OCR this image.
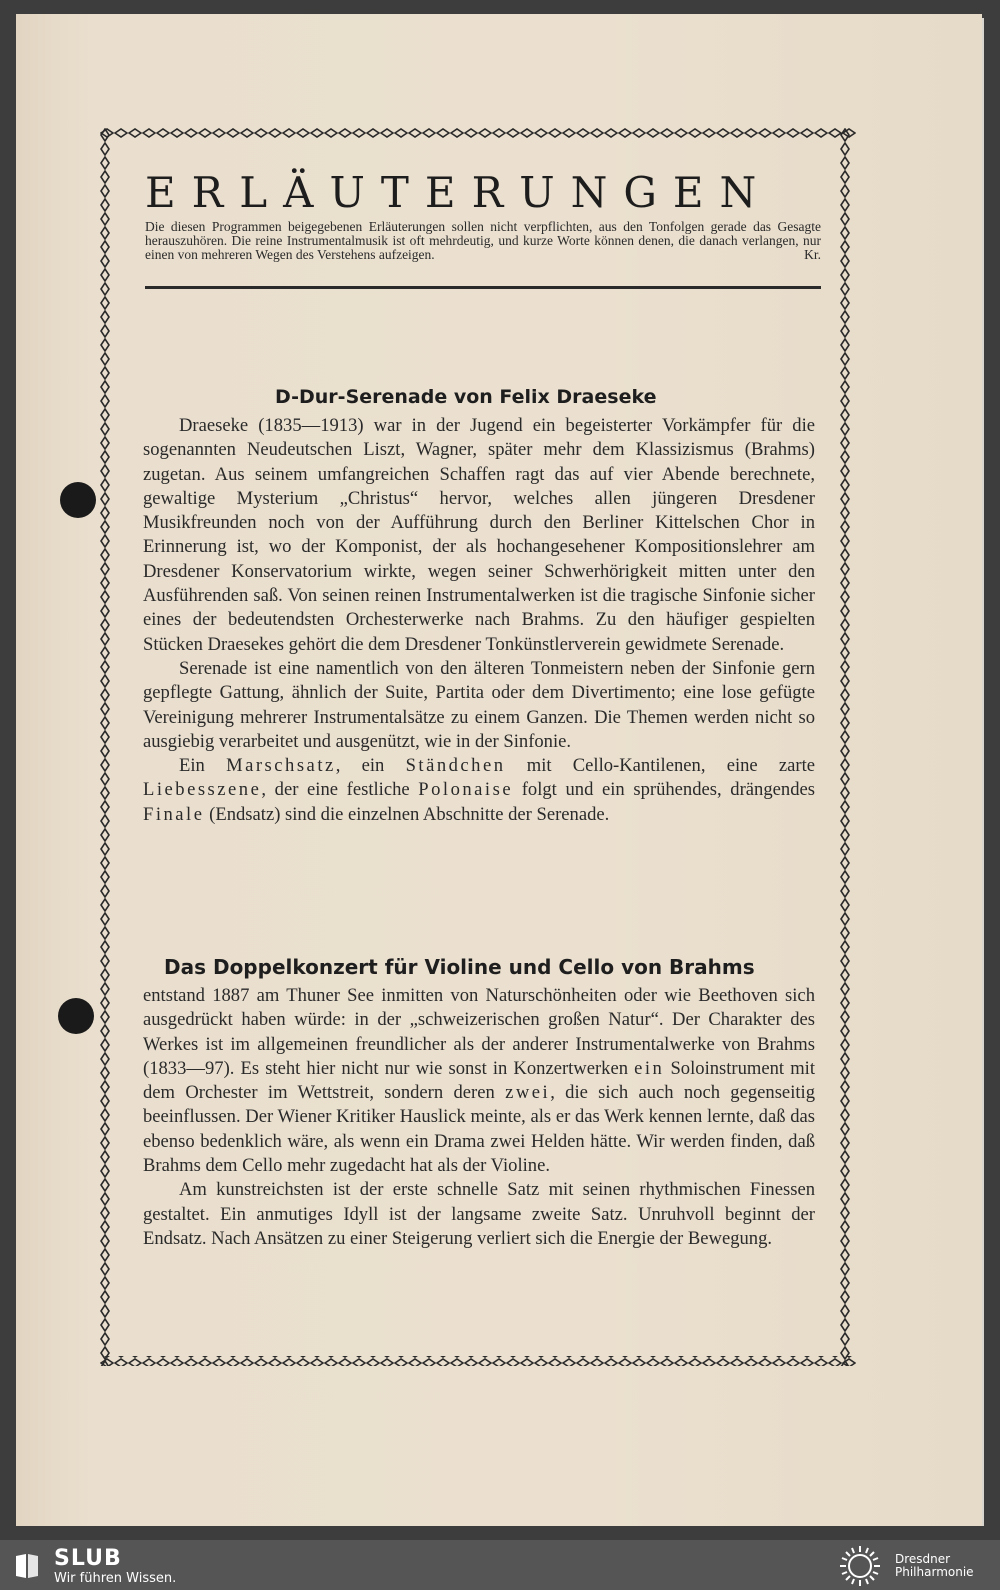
ERLÄUTERUNGEN
Die diesen Programmen beigegebenen Erläuterungen sollen nicht verpflichten, aus den Tonfolgen gerade das Gesagte herauszuhören. Die reine Instrumentalmusik ist oft mehrdeutig, und kurze Worte können denen, die danach verlangen, nur einen von mehreren Wegen des Verstehens aufzeigen.	Kr.
D-Dur-Serenade von Felix Draeseke

Draeseke (1835—1913) war in der Jugend ein begeisterter Vorkämpfer für die sogenannten Neudeutschen Liszt, Wagner, später mehr dem Klassizismus (Brahms) zugetan. Aus seinem umfangreichen Schaffen ragt das auf vier Abende berechnete, gewaltige Mysterium „Christus“ hervor, welches allen jüngeren Dresdener Musikfreunden noch von der Aufführung durch den Berliner Kittelschen Chor in Erinnerung ist, wo der Komponist, der als hochangesehener Kompositionslehrer am Dresdener Konservatorium wirkte, wegen seiner Schwerhörigkeit mitten unter den Ausführenden saß. Von seinen reinen Instrumentalwerken ist die tragische Sinfonie sicher eines der bedeutendsten Orchesterwerke nach Brahms. Zu den häufiger gespielten Stücken Draesekes gehört die dem Dresdener Tonkünstlerverein gewidmete Serenade.

Serenade ist eine namentlich von den älteren Tonmeistern neben der Sinfonie gern gepflegte Gattung, ähnlich der Suite, Partita oder dem Divertimento; eine lose gefügte Vereinigung mehrerer Instrumentalsätze zu einem Ganzen. Die Themen werden nicht so ausgiebig verarbeitet und ausgenützt, wie in der Sinfonie.

Ein Marschsatz, ein Ständchen mit Cello-Kantilenen, eine zarte Liebesszene, der eine festliche Polonaise folgt und ein sprühendes, drängendes Finale (Endsatz) sind die einzelnen Abschnitte der Serenade.

Das Doppelkonzert für Violine und Cello von Brahms

entstand 1887 am Thuner See inmitten von Naturschönheiten oder wie Beethoven sich ausgedrückt haben würde: in der „schweizerischen großen Natur“. Der Charakter des Werkes ist im allgemeinen freundlicher als der anderer Instrumentalwerke von Brahms (1833—97). Es steht hier nicht nur wie sonst in Konzertwerken ein Soloinstrument mit dem Orchester im Wettstreit, sondern deren zwei, die sich auch noch gegenseitig beeinflussen. Der Wiener Kritiker Hauslick meinte, als er das Werk kennen lernte, daß das ebenso bedenklich wäre, als wenn ein Drama zwei Helden hätte. Wir werden finden, daß Brahms dem Cello mehr zugedacht hat als der Violine.

Am kunstreichsten ist der erste schnelle Satz mit seinen rhythmischen Finessen gestaltet. Ein anmutiges Idyll ist der langsame zweite Satz. Unruhvoll beginnt der Endsatz. Nach Ansätzen zu einer Steigerung verliert sich die Energie der Bewegung.

SLUB
Wir führen Wissen.
Dresdner
Philharmonie
